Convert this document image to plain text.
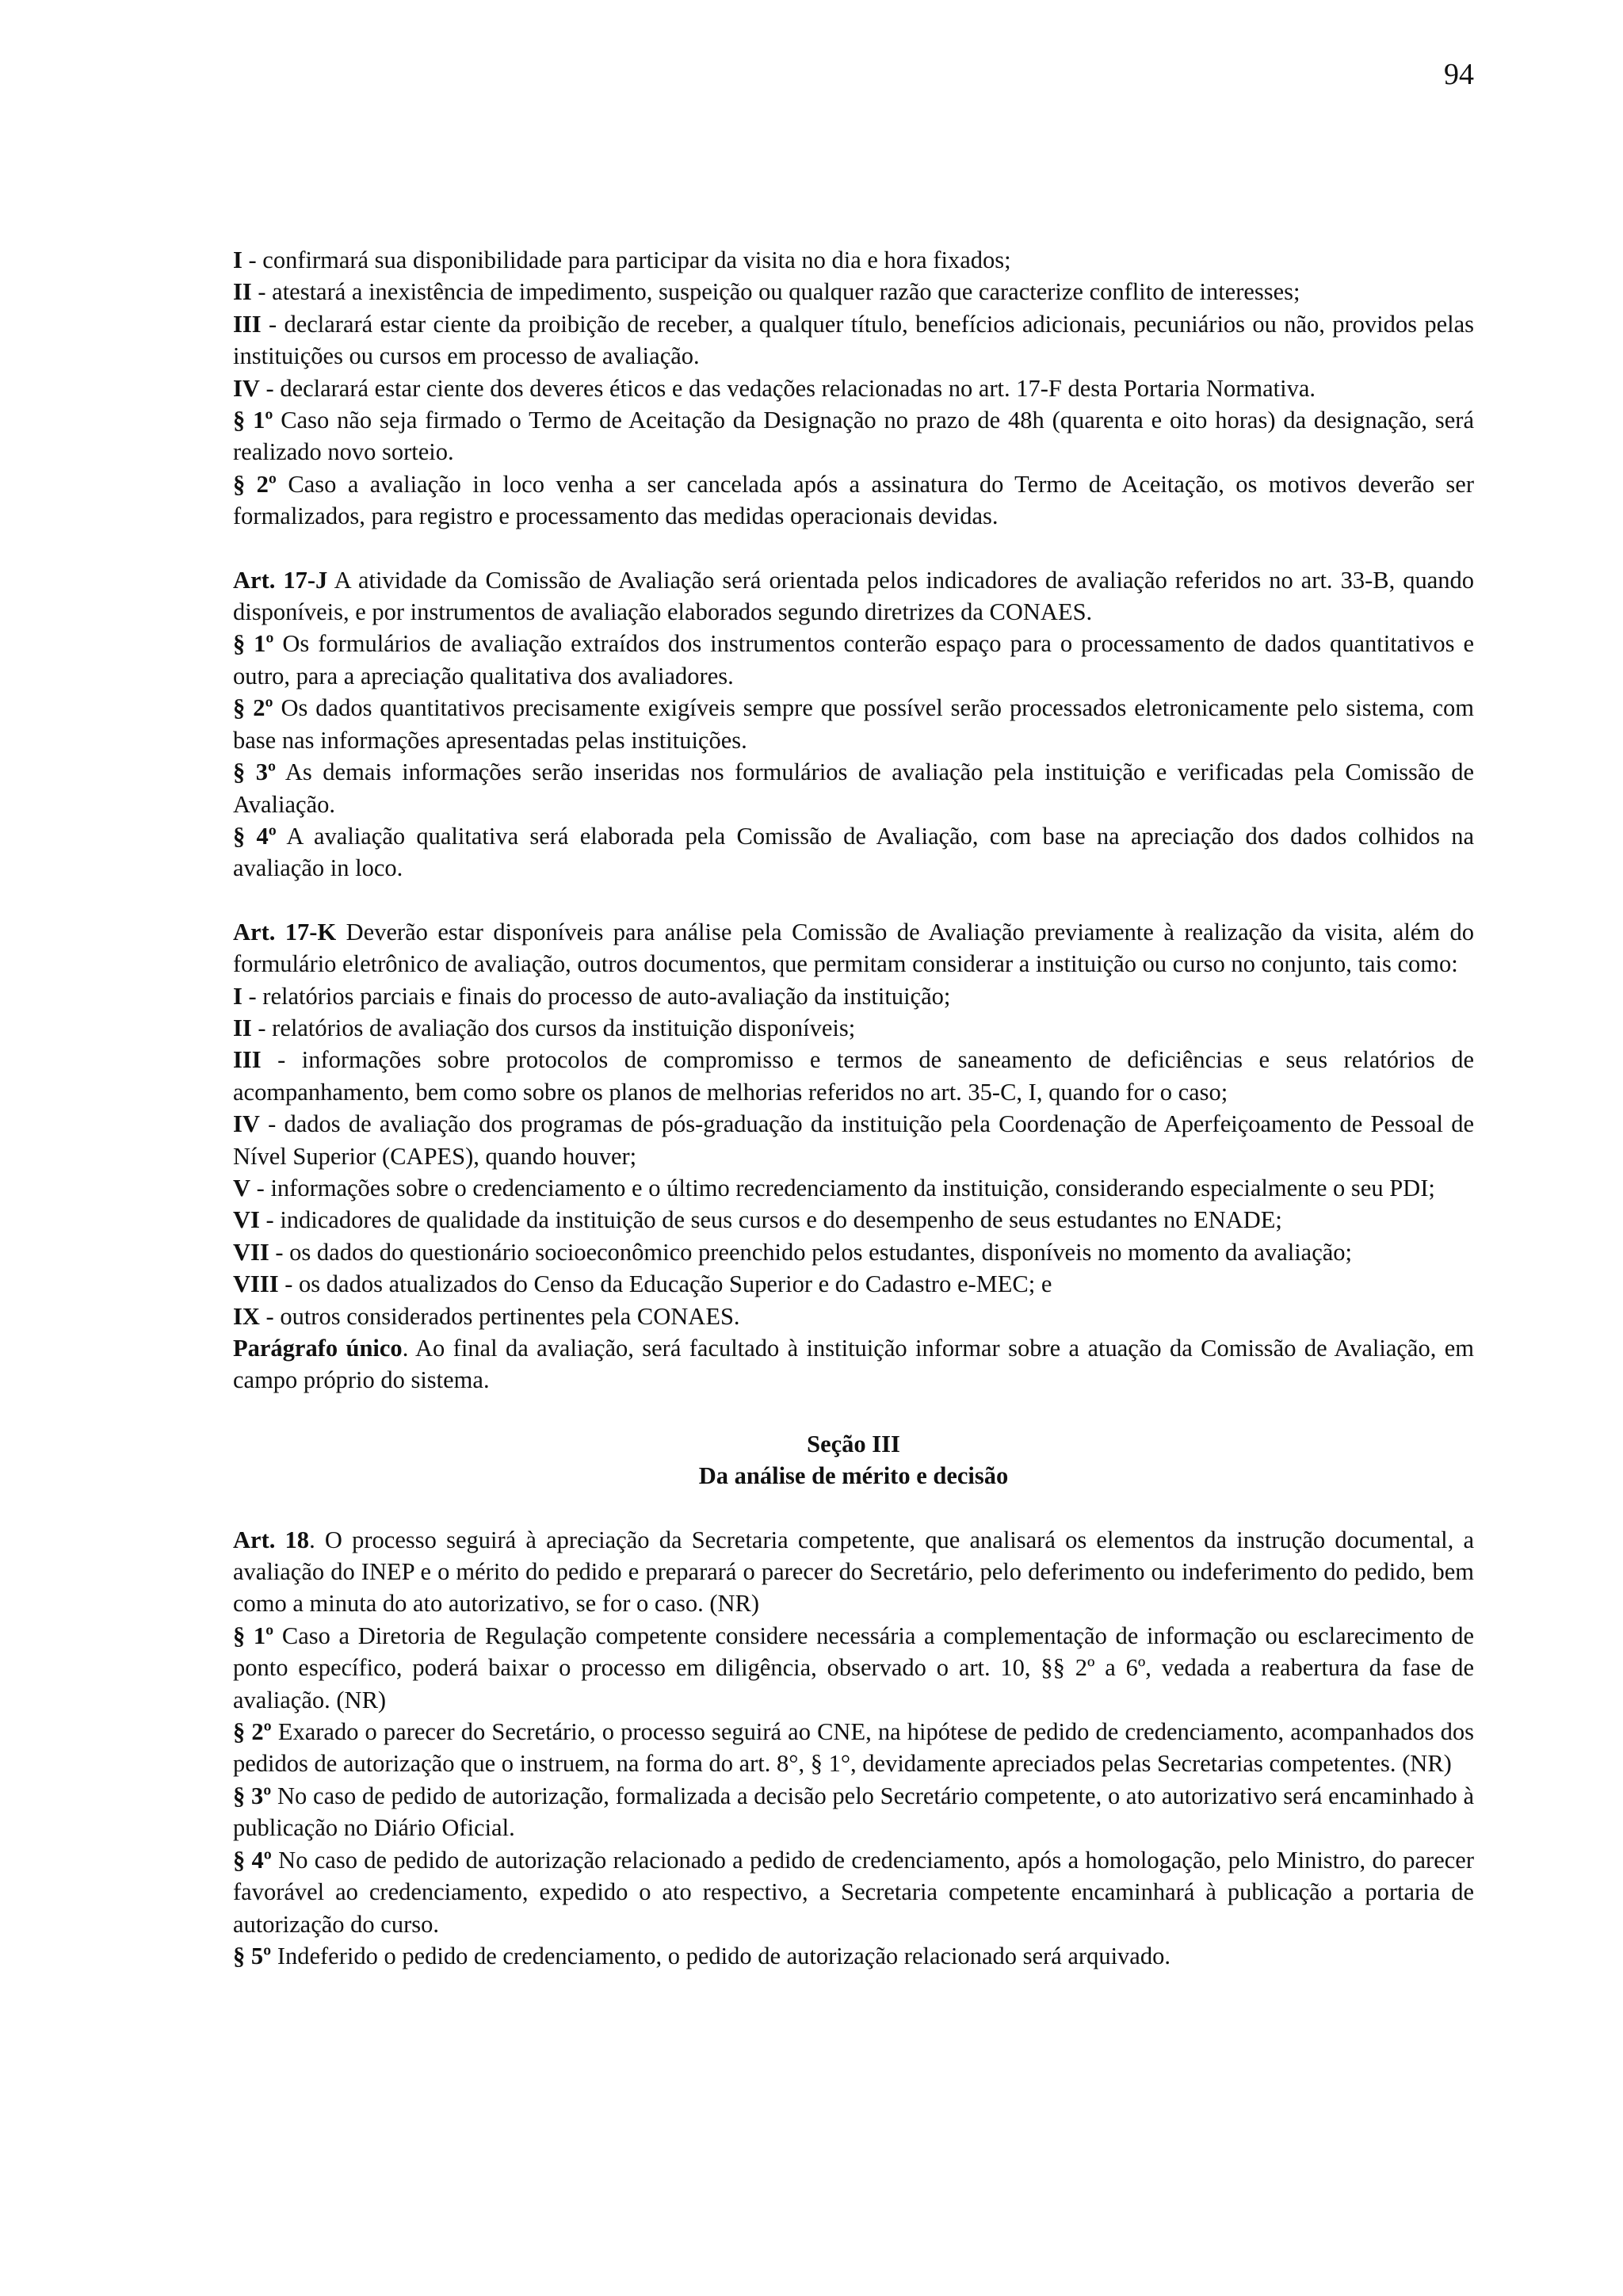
94

I - confirmará sua disponibilidade para participar da visita no dia e hora fixados;

II - atestará a inexistência de impedimento, suspeição ou qualquer razão que caracterize conflito de interesses;

III - declarará estar ciente da proibição de receber, a qualquer título, benefícios adicionais, pecuniários ou não, providos pelas instituições ou cursos em processo de avaliação.

IV - declarará estar ciente dos deveres éticos e das vedações relacionadas no art. 17-F desta Portaria Normativa.

§ 1º Caso não seja firmado o Termo de Aceitação da Designação no prazo de 48h (quarenta e oito horas) da designação, será realizado novo sorteio.

§ 2º Caso a avaliação in loco venha a ser cancelada após a assinatura do Termo de Aceitação, os motivos deverão ser formalizados, para registro e processamento das medidas operacionais devidas.

Art. 17-J A atividade da Comissão de Avaliação será orientada pelos indicadores de avaliação referidos no art. 33-B, quando disponíveis, e por instrumentos de avaliação elaborados segundo diretrizes da CONAES.

§ 1º Os formulários de avaliação extraídos dos instrumentos conterão espaço para o processamento de dados quantitativos e outro, para a apreciação qualitativa dos avaliadores.

§ 2º Os dados quantitativos precisamente exigíveis sempre que possível serão processados eletronicamente pelo sistema, com base nas informações apresentadas pelas instituições.

§ 3º As demais informações serão inseridas nos formulários de avaliação pela instituição e verificadas pela Comissão de Avaliação.

§ 4º A avaliação qualitativa será elaborada pela Comissão de Avaliação, com base na apreciação dos dados colhidos na avaliação in loco.

Art. 17-K Deverão estar disponíveis para análise pela Comissão de Avaliação previamente à realização da visita, além do formulário eletrônico de avaliação, outros documentos, que permitam considerar a instituição ou curso no conjunto, tais como:

I - relatórios parciais e finais do processo de auto-avaliação da instituição;

II - relatórios de avaliação dos cursos da instituição disponíveis;

III - informações sobre protocolos de compromisso e termos de saneamento de deficiências e seus relatórios de acompanhamento, bem como sobre os planos de melhorias referidos no art. 35-C, I, quando for o caso;

IV - dados de avaliação dos programas de pós-graduação da instituição pela Coordenação de Aperfeiçoamento de Pessoal de Nível Superior (CAPES), quando houver;

V - informações sobre o credenciamento e o último recredenciamento da instituição, considerando especialmente o seu PDI;

VI - indicadores de qualidade da instituição de seus cursos e do desempenho de seus estudantes no ENADE;

VII - os dados do questionário socioeconômico preenchido pelos estudantes, disponíveis no momento da avaliação;

VIII - os dados atualizados do Censo da Educação Superior e do Cadastro e-MEC; e

IX - outros considerados pertinentes pela CONAES.

Parágrafo único. Ao final da avaliação, será facultado à instituição informar sobre a atuação da Comissão de Avaliação, em campo próprio do sistema.

Seção III

Da análise de mérito e decisão

Art. 18. O processo seguirá à apreciação da Secretaria competente, que analisará os elementos da instrução documental, a avaliação do INEP e o mérito do pedido e preparará o parecer do Secretário, pelo deferimento ou indeferimento do pedido, bem como a minuta do ato autorizativo, se for o caso. (NR)

§ 1º Caso a Diretoria de Regulação competente considere necessária a complementação de informação ou esclarecimento de ponto específico, poderá baixar o processo em diligência, observado o art. 10, §§ 2º a 6º, vedada a reabertura da fase de avaliação. (NR)

§ 2º Exarado o parecer do Secretário, o processo seguirá ao CNE, na hipótese de pedido de credenciamento, acompanhados dos pedidos de autorização que o instruem, na forma do art. 8°, § 1°, devidamente apreciados pelas Secretarias competentes. (NR)

§ 3º No caso de pedido de autorização, formalizada a decisão pelo Secretário competente, o ato autorizativo será encaminhado à publicação no Diário Oficial.

§ 4º No caso de pedido de autorização relacionado a pedido de credenciamento, após a homologação, pelo Ministro, do parecer favorável ao credenciamento, expedido o ato respectivo, a Secretaria competente encaminhará à publicação a portaria de autorização do curso.

§ 5º Indeferido o pedido de credenciamento, o pedido de autorização relacionado será arquivado.
